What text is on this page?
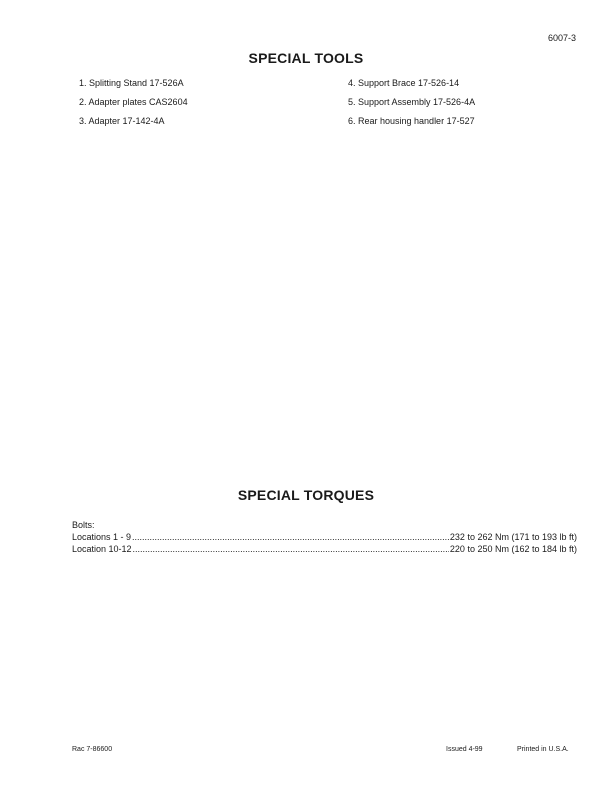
6007-3
SPECIAL TOOLS
1. Splitting Stand 17-526A
2. Adapter plates CAS2604
3. Adapter 17-142-4A
4. Support Brace 17-526-14
5. Support Assembly 17-526-4A
6. Rear housing handler 17-527
SPECIAL TORQUES
Bolts:
Locations 1 - 9 .....	232 to 262 Nm (171 to 193 lb ft)
Location 10-12 .....	220 to 250 Nm (162 to 184 lb ft)
Rac 7-86600	Issued 4-99	Printed in U.S.A.
